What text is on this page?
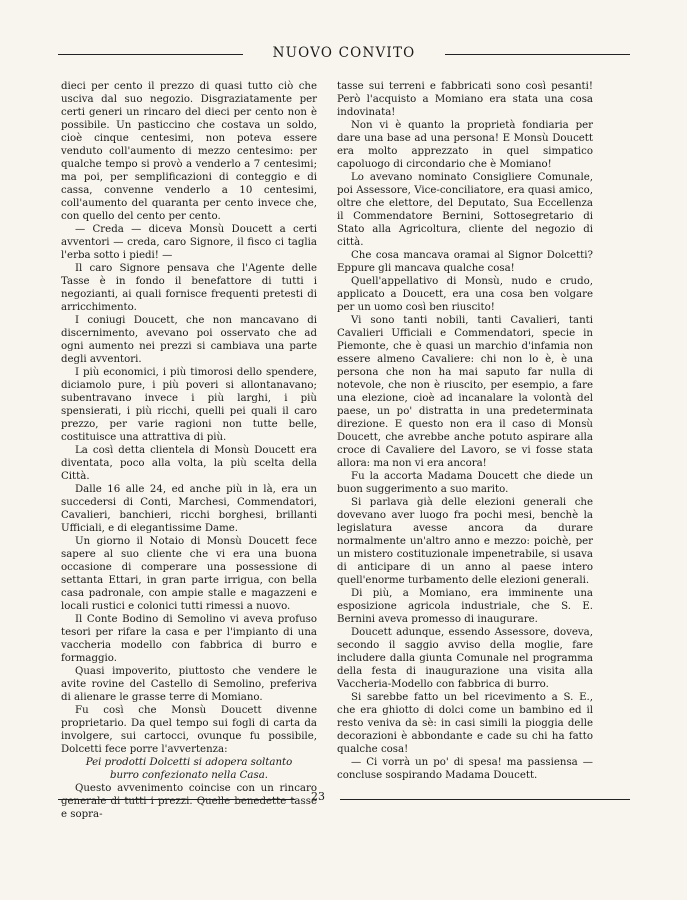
NUOVO CONVITO

dieci per cento il prezzo di quasi tutto ciò che usciva dal suo negozio. Disgraziatamente per certi generi un rincaro del dieci per cento non è possibile. Un pasticcino che costava un soldo, cioè cinque centesimi, non poteva essere venduto coll'aumento di mezzo centesimo: per qualche tempo si provò a venderlo a 7 centesimi; ma poi, per semplificazioni di conteggio e di cassa, convenne venderlo a 10 centesimi, coll'aumento del quaranta per cento invece che, con quello del cento per cento.

— Creda — diceva Monsù Doucett a certi avventori — creda, caro Signore, il fisco ci taglia l'erba sotto i piedi! —

Il caro Signore pensava che l'Agente delle Tasse è in fondo il benefattore di tutti i negozianti, ai quali fornisce frequenti pretesti di arricchimento.

I coniugi Doucett, che non mancavano di discernimento, avevano poi osservato che ad ogni aumento nei prezzi si cambiava una parte degli avventori.

I più economici, i più timorosi dello spendere, diciamolo pure, i più poveri si allontanavano; subentravano invece i più larghi, i più spensierati, i più ricchi, quelli pei quali il caro prezzo, per varie ragioni non tutte belle, costituisce una attrattiva di più.

La così detta clientela di Monsù Doucett era diventata, poco alla volta, la più scelta della Città.

Dalle 16 alle 24, ed anche più in là, era un succedersi di Conti, Marchesi, Commendatori, Cavalieri, banchieri, ricchi borghesi, brillanti Ufficiali, e di elegantissime Dame.

Un giorno il Notaio di Monsù Doucett fece sapere al suo cliente che vi era una buona occasione di comperare una possessione di settanta Ettari, in gran parte irrigua, con bella casa padronale, con ampie stalle e magazzeni e locali rustici e colonici tutti rimessi a nuovo.

Il Conte Bodino di Semolino vi aveva profuso tesori per rifare la casa e per l'impianto di una vaccheria modello con fabbrica di burro e formaggio.

Quasi impoverito, piuttosto che vendere le avite rovine del Castello di Semolino, preferiva di alienare le grasse terre di Momiano.

Fu così che Monsù Doucett divenne proprietario. Da quel tempo sui fogli di carta da involgere, sui cartocci, ovunque fu possibile, Dolcetti fece porre l'avvertenza:

Pei prodotti Dolcetti si adopera soltanto

burro confezionato nella Casa.

Questo avvenimento coincise con un rincaro generale di tutti i prezzi. Quelle benedette tasse e sopra-

tasse sui terreni e fabbricati sono così pesanti! Però l'acquisto a Momiano era stata una cosa indovinata!

Non vi è quanto la proprietà fondiaria per dare una base ad una persona! E Monsù Doucett era molto apprezzato in quel simpatico capoluogo di circondario che è Momiano!

Lo avevano nominato Consigliere Comunale, poi Assessore, Vice-conciliatore, era quasi amico, oltre che elettore, del Deputato, Sua Eccellenza il Commendatore Bernini, Sottosegretario di Stato alla Agricoltura, cliente del negozio di città.

Che cosa mancava oramai al Signor Dolcetti? Eppure gli mancava qualche cosa!

Quell'appellativo di Monsù, nudo e crudo, applicato a Doucett, era una cosa ben volgare per un uomo così ben riuscito!

Vi sono tanti nobili, tanti Cavalieri, tanti Cavalieri Ufficiali e Commendatori, specie in Piemonte, che è quasi un marchio d'infamia non essere almeno Cavaliere: chi non lo è, è una persona che non ha mai saputo far nulla di notevole, che non è riuscito, per esempio, a fare una elezione, cioè ad incanalare la volontà del paese, un po' distratta in una predeterminata direzione. E questo non era il caso di Monsù Doucett, che avrebbe anche potuto aspirare alla croce di Cavaliere del Lavoro, se vi fosse stata allora: ma non vi era ancora!

Fu la accorta Madama Doucett che diede un buon suggerimento a suo marito.

Si parlava già delle elezioni generali che dovevano aver luogo fra pochi mesi, benchè la legislatura avesse ancora da durare normalmente un'altro anno e mezzo: poichè, per un mistero costituzionale impenetrabile, si usava di anticipare di un anno al paese intero quell'enorme turbamento delle elezioni generali.

Di più, a Momiano, era imminente una esposizione agricola industriale, che S. E. Bernini aveva promesso di inaugurare.

Doucett adunque, essendo Assessore, doveva, secondo il saggio avviso della moglie, fare includere dalla giunta Comunale nel programma della festa di inaugurazione una visita alla Vaccheria-Modello con fabbrica di burro.

Si sarebbe fatto un bel ricevimento a S. E., che era ghiotto di dolci come un bambino ed il resto veniva da sè: in casi simili la pioggia delle decorazioni è abbondante e cade su chi ha fatto qualche cosa!

— Ci vorrà un po' di spesa! ma passiensa — concluse sospirando Madama Doucett.

23
